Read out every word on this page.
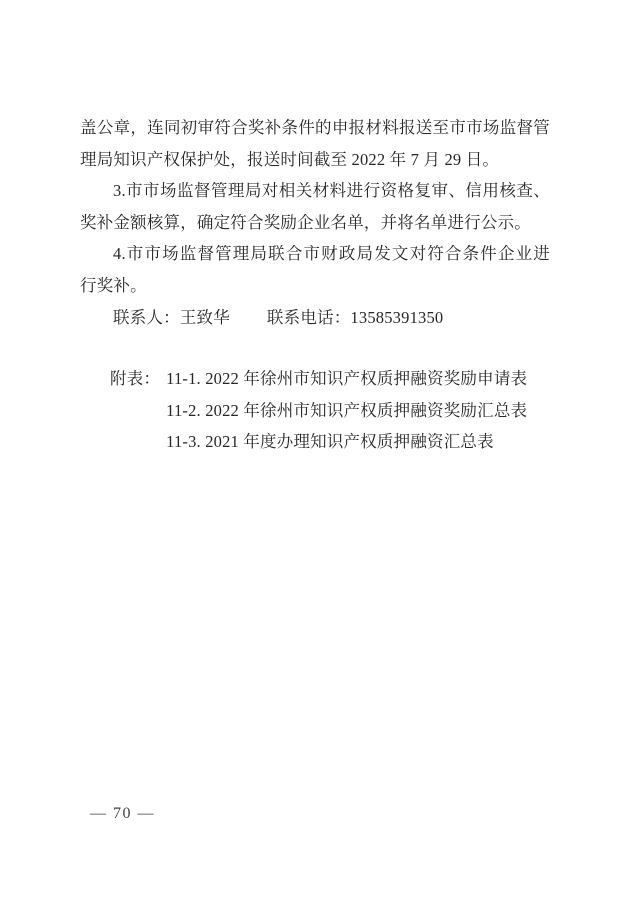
盖公章，连同初审符合奖补条件的申报材料报送至市市场监督管
理局知识产权保护处，报送时间截至 2022 年 7 月 29 日。
3.市市场监督管理局对相关材料进行资格复审、信用核查、
奖补金额核算，确定符合奖励企业名单，并将名单进行公示。
4.市市场监督管理局联合市财政局发文对符合条件企业进
行奖补。
联系人：王致华 联系电话：13585391350
附表： 11-1. 2022 年徐州市知识产权质押融资奖励申请表
11-2. 2022 年徐州市知识产权质押融资奖励汇总表
11-3. 2021 年度办理知识产权质押融资汇总表
— 70 —
